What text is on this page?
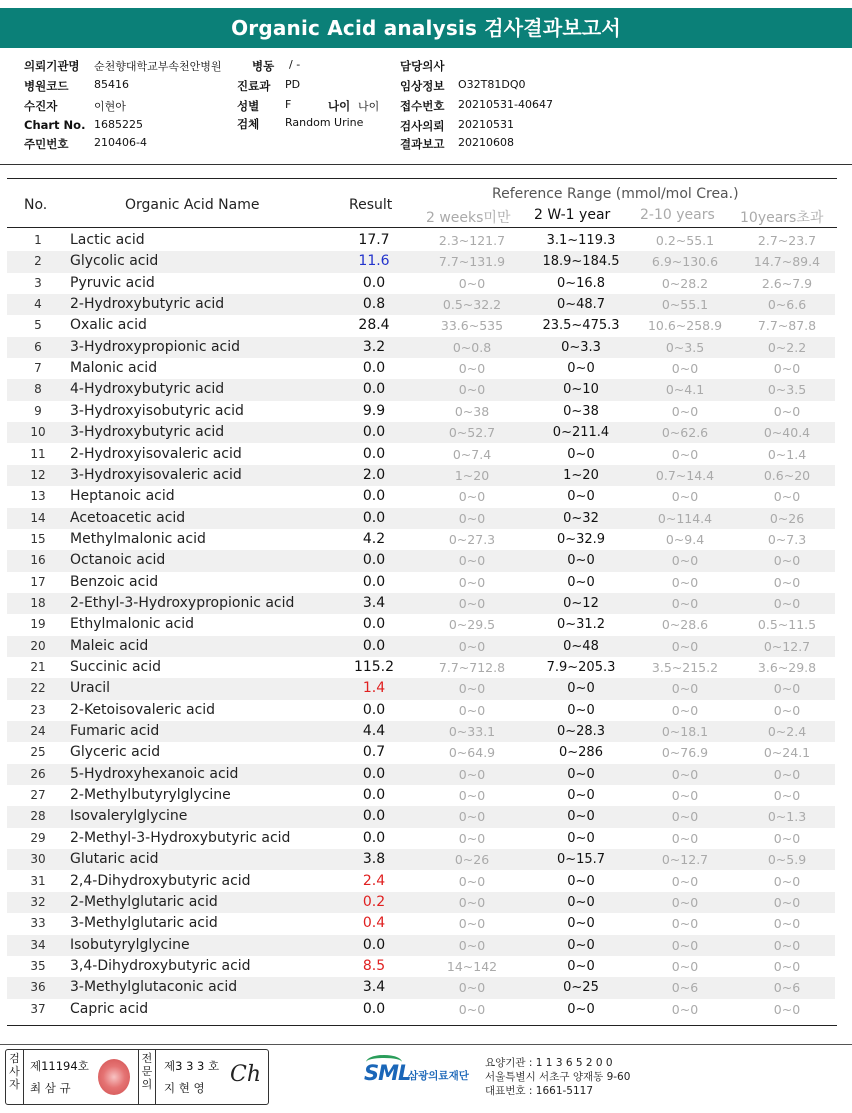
Organic Acid analysis 검사결과보고서
의뢰기관명 순천향대학교부속천안병원	병동 / -	담당의사
병원코드 85416	진료과 PD	임상정보 O32T81DQ0
수진자	이현아	성별 F	나이 나이 접수번호 20210531-40647
Chart No. 1685225	검체 Random Urine	검사의뢰 20210531
주민번호 210406-4	결과보고 20210608
No.	Organic Acid Name	Result
Reference Range (mmol/mol Crea.)
2 weeks미만 2 W-1 year 2-10 years 10years초과
1	Lactic acid	17.7	2.3~121.7	3.1~119.3	0.2~55.1	2.7~23.7
2	Glycolic acid	11.6	7.7~131.9	18.9~184.5	6.9~130.6	14.7~89.4
3	Pyruvic acid	0.0	0~0	0~16.8	0~28.2	2.6~7.9
4	2-Hydroxybutyric acid	0.8	0.5~32.2	0~48.7	0~55.1	0~6.6
5	Oxalic acid	28.4	33.6~535	23.5~475.3	10.6~258.9	7.7~87.8
6	3-Hydroxypropionic acid	3.2	0~0.8	0~3.3	0~3.5	0~2.2
7	Malonic acid	0.0	0~0	0~0	0~0	0~0
8	4-Hydroxybutyric acid	0.0	0~0	0~10	0~4.1	0~3.5
9	3-Hydroxyisobutyric acid	9.9	0~38	0~38	0~0	0~0
10	3-Hydroxybutyric acid	0.0	0~52.7	0~211.4	0~62.6	0~40.4
11	2-Hydroxyisovaleric acid	0.0	0~7.4	0~0	0~0	0~1.4
12	3-Hydroxyisovaleric acid	2.0	1~20	1~20	0.7~14.4	0.6~20
13	Heptanoic acid	0.0	0~0	0~0	0~0	0~0
14	Acetoacetic acid	0.0	0~0	0~32	0~114.4	0~26
15	Methylmalonic acid	4.2	0~27.3	0~32.9	0~9.4	0~7.3
16	Octanoic acid	0.0	0~0	0~0	0~0	0~0
17	Benzoic acid	0.0	0~0	0~0	0~0	0~0
18	2-Ethyl-3-Hydroxypropionic acid	3.4	0~0	0~12	0~0	0~0
19	Ethylmalonic acid	0.0	0~29.5	0~31.2	0~28.6	0.5~11.5
20	Maleic acid	0.0	0~0	0~48	0~0	0~12.7
21	Succinic acid	115.2	7.7~712.8	7.9~205.3	3.5~215.2	3.6~29.8
22	Uracil	1.4	0~0	0~0	0~0	0~0
23	2-Ketoisovaleric acid	0.0	0~0	0~0	0~0	0~0
24	Fumaric acid	4.4	0~33.1	0~28.3	0~18.1	0~2.4
25	Glyceric acid	0.7	0~64.9	0~286	0~76.9	0~24.1
26	5-Hydroxyhexanoic acid	0.0	0~0	0~0	0~0	0~0
27	2-Methylbutyrylglycine	0.0	0~0	0~0	0~0	0~0
28	Isovalerylglycine	0.0	0~0	0~0	0~0	0~1.3
29	2-Methyl-3-Hydroxybutyric acid	0.0	0~0	0~0	0~0	0~0
30	Glutaric acid	3.8	0~26	0~15.7	0~12.7	0~5.9
31	2,4-Dihydroxybutyric acid	2.4	0~0	0~0	0~0	0~0
32	2-Methylglutaric acid	0.2	0~0	0~0	0~0	0~0
33	3-Methylglutaric acid	0.4	0~0	0~0	0~0	0~0
34	Isobutyrylglycine	0.0	0~0	0~0	0~0	0~0
35	3,4-Dihydroxybutyric acid	8.5	14~142	0~0	0~0	0~0
36	3-Methylglutaconic acid	3.4	0~0	0~25	0~6	0~6
37	Capric acid	0.0	0~0	0~0	0~0	0~0
검사자
제11194호
최 삼 규
전문의
제3 3 3 호
지 현 영
Ch	SML
삼광의료재단
요양기관 : 1 1 3 6 5 2 0 0
서울특별시 서초구 양재동 9-60
대표번호 : 1661-5117
